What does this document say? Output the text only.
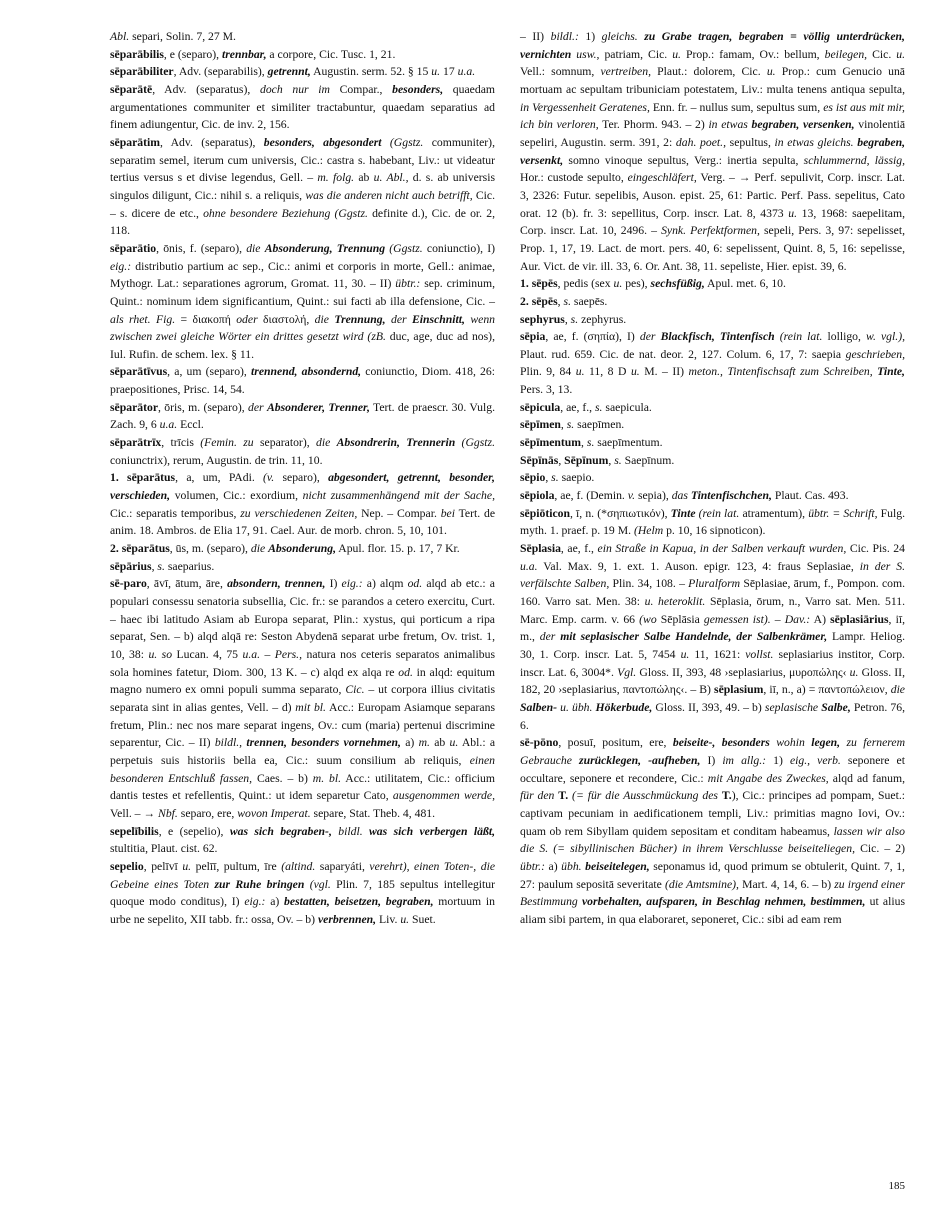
Abl. separi, Solin. 7, 27 M.

sēparābilis, e (separo), trennbar, a corpore, Cic. Tusc. 1, 21.

sēparābiliter, Adv. (separabilis), getrennt, Augustin. serm. 52. § 15 u. 17 u.a.

sēparātē, Adv. (separatus), doch nur im Compar., besonders, quaedam argumentationes communiter et similiter tractabuntur, quaedam separatius ad finem adiungentur, Cic. de inv. 2, 156.

sēparātim, Adv. (separatus), besonders, abgesondert (Ggstz. communiter), separatim semel, iterum cum universis, Cic.: castra s. habebant, Liv.: ut videatur tertius versus s et divise legendus, Gell. – m. folg. ab u. Abl., d. s. ab universis singulos diligunt, Cic.: nihil s. a reliquis, was die anderen nicht auch betrifft, Cic. – s. dicere de etc., ohne besondere Beziehung (Ggstz. definite d.), Cic. de or. 2, 118.

sēparātio, ōnis, f. (separo), die Absonderung, Trennung (Ggstz. coniunctio), I) eig.: distributio partium ac sep., Cic.: animi et corporis in morte, Gell.: animae, Mythogr. Lat.: separationes agrorum, Gromat. 11, 30. – II) übtr.: sep. criminum, Quint.: nominum idem significantium, Quint.: sui facti ab illa defensione, Cic. – als rhet. Fig. = διακοπή oder διαστολή, die Trennung, der Einschnitt, wenn zwischen zwei gleiche Wörter ein drittes gesetzt wird (zB. duc, age, duc ad nos), Iul. Rufin. de schem. lex. § 11.

sēparātīvus, a, um (separo), trennend, absondernd, coniunctio, Diom. 418, 26: praepositiones, Prisc. 14, 54.

sēparātor, ōris, m. (separo), der Absonderer, Trenner, Tert. de praescr. 30. Vulg. Zach. 9, 6 u.a. Eccl.

sēparātrīx, trīcis (Femin. zu separator), die Absondrerin, Trennerin (Ggstz. coniunctrix), rerum, Augustin. de trin. 11, 10.

1. sēparātus, a, um, PAdi. (v. separo), abgesondert, getrennt, besonder, verschieden, volumen, Cic.: exordium, nicht zusammenhängend mit der Sache, Cic.: separatis temporibus, zu verschiedenen Zeiten, Nep. – Compar. bei Tert. de anim. 18. Ambros. de Elia 17, 91. Cael. Aur. de morb. chron. 5, 10, 101.

2. sēparātus, ūs, m. (separo), die Absonderung, Apul. flor. 15. p. 17, 7 Kr.

sēpārius, s. saeparius.

sē-paro, āvī, ātum, āre, absondern, trennen, I) eig.: a) alqm od. alqd ab etc.: a populari consessu senatoria subsellia, Cic. fr.: se parandos a cetero exercitu, Curt. – haec ibi latitudo Asiam ab Europa separat, Plin.: xystus, qui porticum a ripa separat, Sen. – b) alqd alqā re: Seston Abydenā separat urbe fretum, Ov. trist. 1, 10, 38: u. so Lucan. 4, 75 u.a. – Pers., natura nos ceteris separatos animalibus sola homines fatetur, Diom. 300, 13 K. – c) alqd ex alqa re od. in alqd: equitum magno numero ex omni populi summa separato, Cic. – ut corpora illius civitatis separata sint in alias gentes, Vell. – d) mit bl. Acc.: Europam Asiamque separans fretum, Plin.: nec nos mare separat ingens, Ov.: cum (maria) pertenui discrimine separentur, Cic. – II) bildl., trennen, besonders vornehmen, a) m. ab u. Abl.: a perpetuis suis historiis bella ea, Cic.: suum consilium ab reliquis, einen besonderen Entschluß fassen, Caes. – b) m. bl. Acc.: utilitatem, Cic.: officium dantis testes et refellentis, Quint.: ut idem separetur Cato, ausgenommen werde, Vell. – → Nbf. separo, ere, wovon Imperat. separe, Stat. Theb. 4, 481.

sepelībilis, e (sepelio), was sich begraben-, bildl. was sich verbergen läßt, stultitia, Plaut. cist. 62.

sepelio, pelīvī u. pelīī, pultum, īre (altind. saparyáti, verehrt), einen Toten-, die Gebeine eines Toten zur Ruhe bringen (vgl. Plin. 7, 185 sepultus intellegitur quoque modo conditus), I) eig.: a) bestatten, beisetzen, begraben, mortuum in urbe ne sepelito, XII tabb. fr.: ossa, Ov. – b) verbrennen, Liv. u. Suet.

– II) bildl.: 1) gleichs. zu Grabe tragen, begraben = völlig unterdrücken, vernichten usw., patriam, Cic. u. Prop.: famam, Ov.: bellum, beilegen, Cic. u. Vell.: somnum, vertreiben, Plaut.: dolorem, Cic. u. Prop.: cum Genucio unā mortuam ac sepultam tribuniciam potestatem, Liv.: multa tenens antiqua sepulta, in Vergessenheit Geratenes, Enn. fr. – nullus sum, sepultus sum, es ist aus mit mir, ich bin verloren, Ter. Phorm. 943. – 2) in etwas begraben, versenken, vinolentiā sepeliri, Augustin. serm. 391, 2: dah. poet., sepultus, in etwas gleichs. begraben, versenkt, somno vinoque sepultus, Verg.: inertia sepulta, schlummernd, lässig, Hor.: custode sepulto, eingeschläfert, Verg. – → Perf. sepulivit, Corp. inscr. Lat. 3, 2326: Futur. sepelibis, Auson. epist. 25, 61: Partic. Perf. Pass. sepelitus, Cato orat. 12 (b). fr. 3: sepellitus, Corp. inscr. Lat. 8, 4373 u. 13, 1968: saepelitam, Corp. inscr. Lat. 10, 2496. – Synk. Perfektformen, sepeli, Pers. 3, 97: sepelisset, Prop. 1, 17, 19. Lact. de mort. pers. 40, 6: sepelissent, Quint. 8, 5, 16: sepelisse, Aur. Vict. de vir. ill. 33, 6. Or. Ant. 38, 11. sepeliste, Hier. epist. 39, 6.

1. sēpēs, pedis (sex u. pes), sechsfüßig, Apul. met. 6, 10.

2. sēpēs, s. saepēs.

sephyrus, s. zephyrus.

sēpia, ae, f. (σηπία), I) der Blackfisch, Tintenfisch (rein lat. lolligo, w. vgl.), Plaut. rud. 659. Cic. de nat. deor. 2, 127. Colum. 6, 17, 7: saepia geschrieben, Plin. 9, 84 u. 11, 8 D u. M. – II) meton., Tintenfischsaft zum Schreiben, Tinte, Pers. 3, 13.

sēpicula, ae, f., s. saepicula.

sēpīmen, s. saepīmen.

sēpīmentum, s. saepīmentum.

Sēpīnās, Sēpīnum, s. Saepīnum.

sēpio, s. saepio.

sēpiola, ae, f. (Demin. v. sepia), das Tintenfischchen, Plaut. Cas. 493.

sēpiōticon, ī, n. (*σηπιωτικόν), Tinte (rein lat. atramentum), übtr. = Schrift, Fulg. myth. 1. praef. p. 19 M. (Helm p. 10, 16 sipnoticon).

Sēplasia, ae, f., ein Straße in Kapua, in der Salben verkauft wurden, Cic. Pis. 24 u.a. Val. Max. 9, 1. ext. 1. Auson. epigr. 123, 4: fraus Seplasiae, in der S. verfälschte Salben, Plin. 34, 108. – Pluralform Sēplasiae, ārum, f., Pompon. com. 160. Varro sat. Men. 38: u. heteroklit. Sēplasia, ōrum, n., Varro sat. Men. 511. Marc. Emp. carm. v. 66 (wo Sēplāsia gemessen ist). – Dav.: A) sēplasiārius, iī, m., der mit seplasischer Salbe Handelnde, der Salbenkrämer, Lampr. Heliog. 30, 1. Corp. inscr. Lat. 5, 7454 u. 11, 1621: vollst. seplasiarius institor, Corp. inscr. Lat. 6, 3004*. Vgl. Gloss. II, 393, 48 ›seplasiarius, μυροπώλης‹ u. Gloss. II, 182, 20 ›seplasiarius, παντοπώλης‹. – B) sēplasium, iī, n., a) = παντοπώλειον, die Salben- u. übh. Hökerbude, Gloss. II, 393, 49. – b) seplasische Salbe, Petron. 76, 6.

sē-pōno, posuī, positum, ere, beiseite-, besonders wohin legen, zu fernerem Gebrauche zurücklegen, -aufheben, I) im allg.: 1) eig., verb. seponere et occultare, seponere et recondere, Cic.: mit Angabe des Zweckes, alqd ad fanum, für den T. (= für die Ausschmückung des T.), Cic.: principes ad pompam, Suet.: captivam pecuniam in aedificationem templi, Liv.: primitias magno Iovi, Ov.: quam ob rem Sibyllam quidem sepositam et conditam habeamus, lassen wir also die S. (= sibyllinischen Bücher) in ihrem Verschlusse beiseiteliegen, Cic. – 2) übtr.: a) übh. beiseitelegen, seponamus id, quod primum se obtulerit, Quint. 7, 1, 27: paulum sepositā severitate (die Amtsmine), Mart. 4, 14, 6. – b) zu irgend einer Bestimmung vorbehalten, aufsparen, in Beschlag nehmen, bestimmen, ut alius aliam sibi partem, in qua elaboraret, seponeret, Cic.: sibi ad eam rem

185
